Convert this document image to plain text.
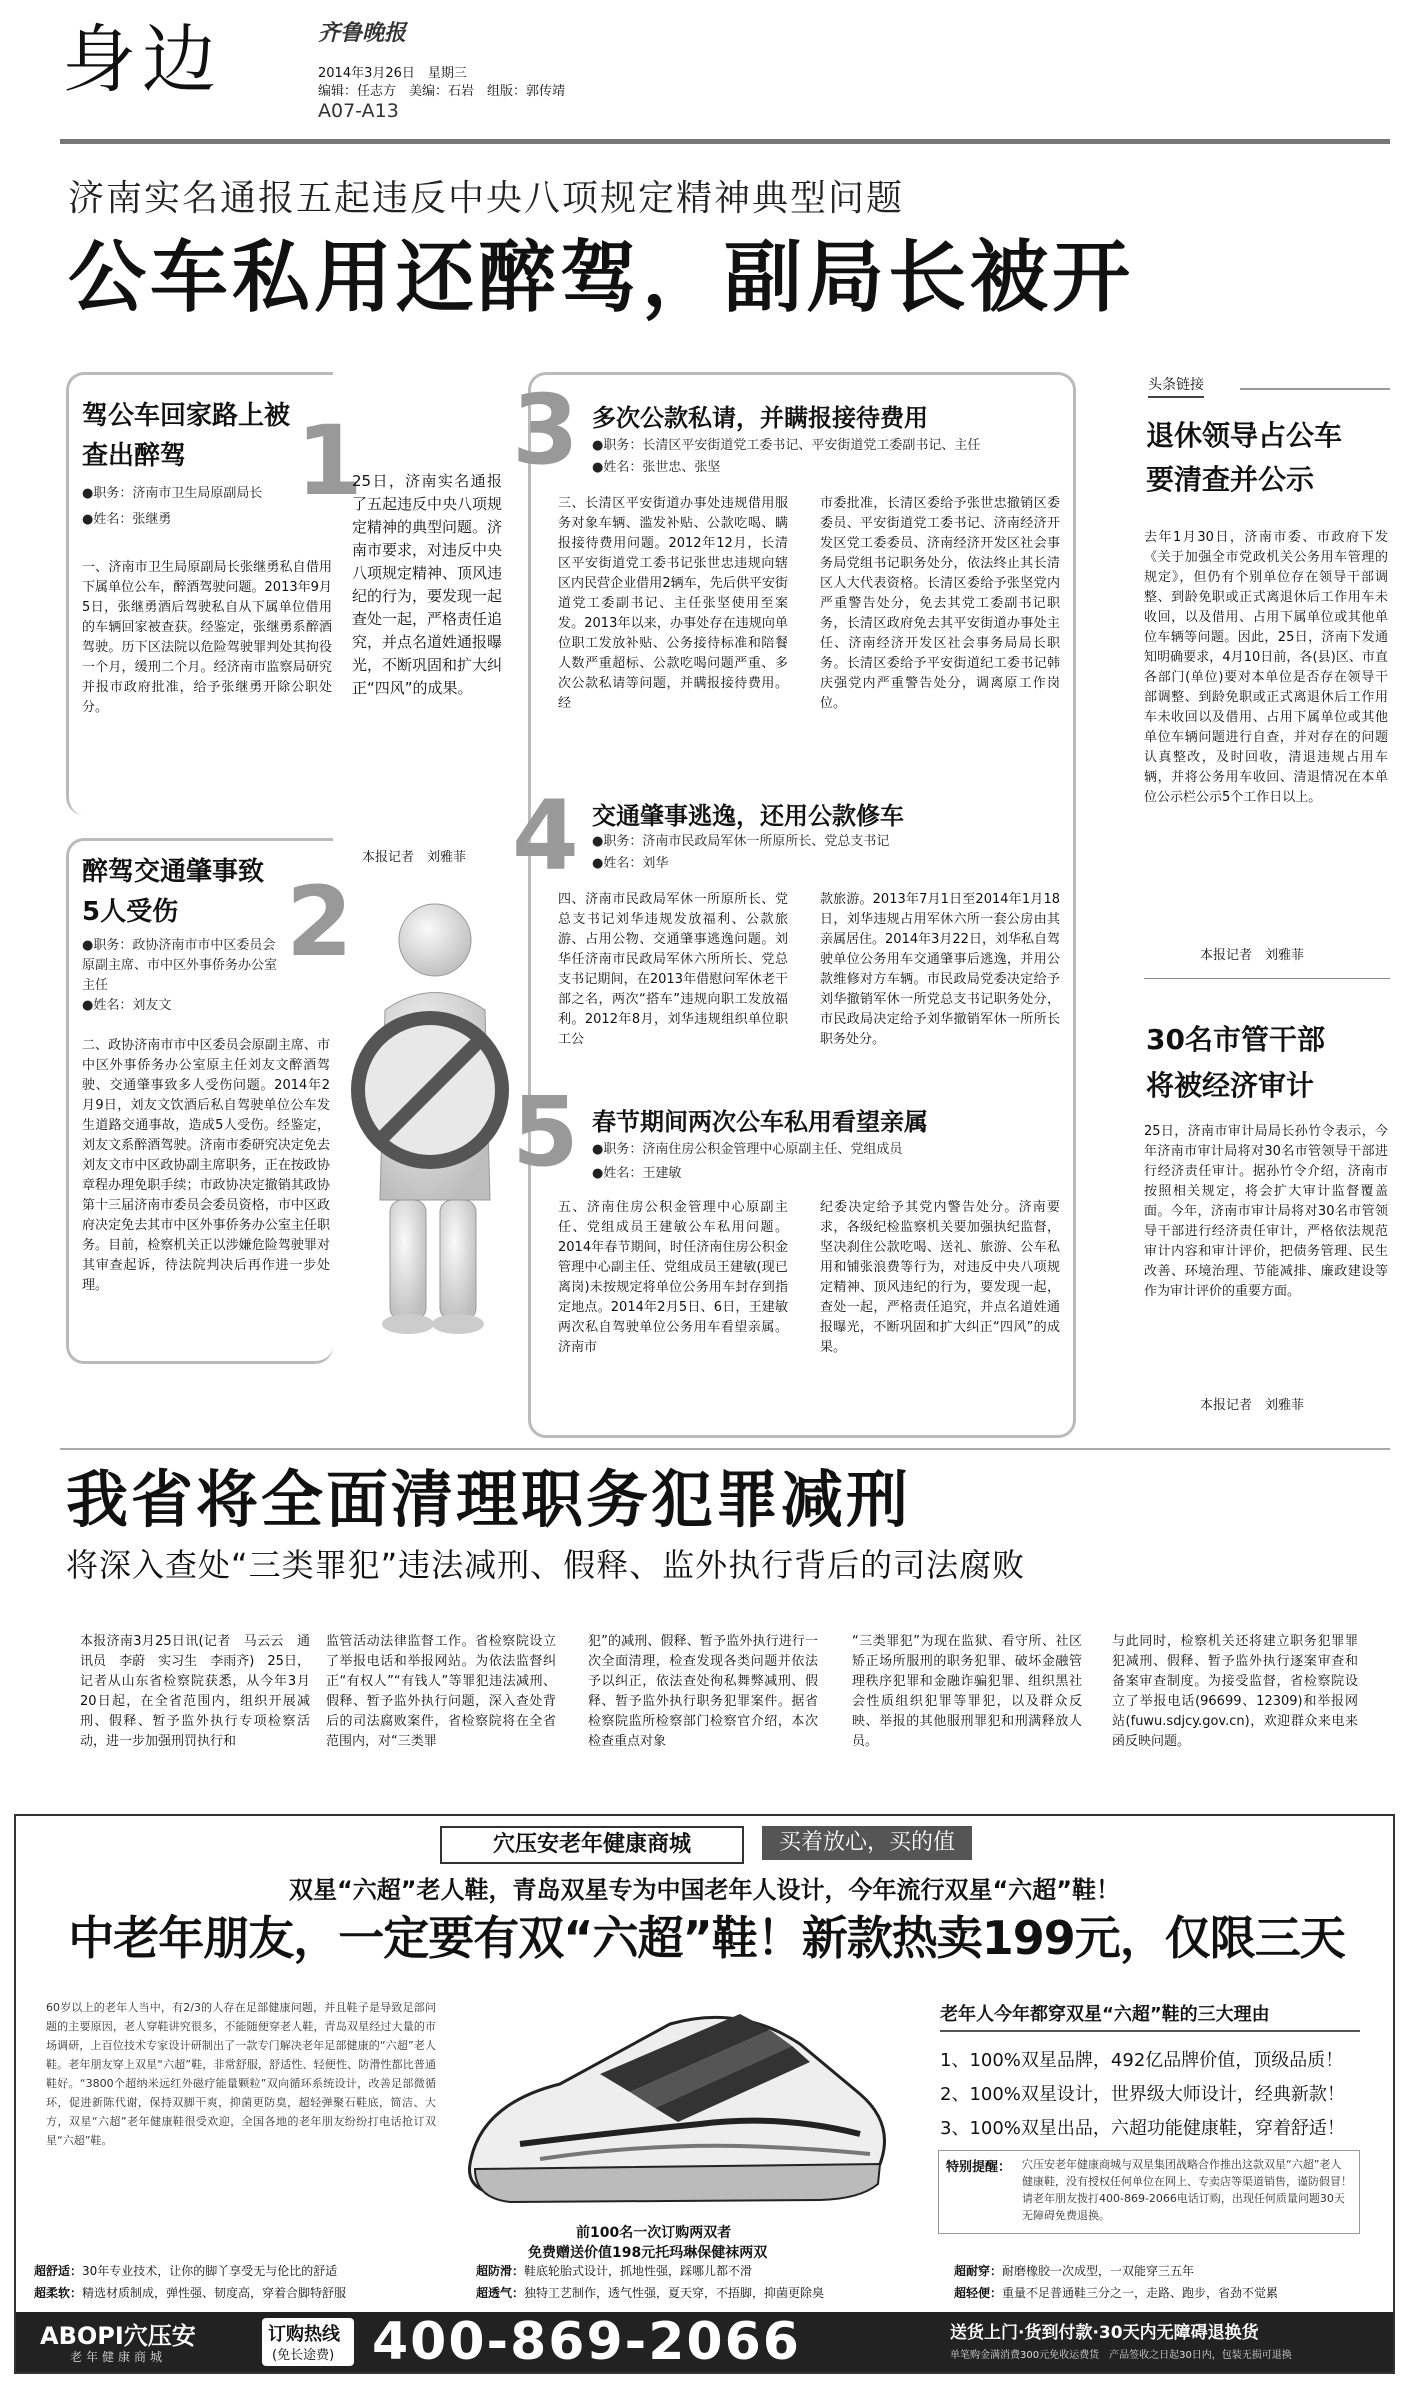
身边	齐鲁晚报
2014年3月26日　星期三
编辑：任志方　美编：石岩　组版：郭传靖
A07-A13
济南实名通报五起违反中央八项规定精神典型问题
公车私用还醉驾，副局长被开
1
驾公车回家路上被查出醉驾
●职务：济南市卫生局原副局长
●姓名：张继勇
一、济南市卫生局原副局长张继勇私自借用下属单位公车，醉酒驾驶问题。2013年9月5日，张继勇酒后驾驶私自从下属单位借用的车辆回家被查获。经鉴定，张继勇系醉酒驾驶。历下区法院以危险驾驶罪判处其拘役一个月，缓刑二个月。经济南市监察局研究并报市政府批准，给予张继勇开除公职处分。
25日，济南实名通报了五起违反中央八项规定精神的典型问题。济南市要求，对违反中央八项规定精神、顶风违纪的行为，要发现一起查处一起，严格责任追究，并点名道姓通报曝光，不断巩固和扩大纠正“四风”的成果。
本报记者　刘雅菲
2
醉驾交通肇事致5人受伤
●职务：政协济南市市中区委员会原副主席、市中区外事侨务办公室主任
●姓名：刘友文
二、政协济南市市中区委员会原副主席、市中区外事侨务办公室原主任刘友文醉酒驾驶、交通肇事致多人受伤问题。2014年2月9日，刘友文饮酒后私自驾驶单位公车发生道路交通事故，造成5人受伤。经鉴定，刘友文系醉酒驾驶。济南市委研究决定免去刘友文市中区政协副主席职务，正在按政协章程办理免职手续；市政协决定撤销其政协第十三届济南市委员会委员资格，市中区政府决定免去其市中区外事侨务办公室主任职务。目前，检察机关正以涉嫌危险驾驶罪对其审查起诉，待法院判决后再作进一步处理。
3 多次公款私请，并瞒报接待费用
●职务：长清区平安街道党工委书记、平安街道党工委副书记、主任
●姓名：张世忠、张坚
三、长清区平安街道办事处违规借用服务对象车辆、滥发补贴、公款吃喝、瞒报接待费用问题。2012年12月，长清区平安街道党工委书记张世忠违规向辖区内民营企业借用2辆车，先后供平安街道党工委副书记、主任张坚使用至案发。2013年以来，办事处存在违规向单位职工发放补贴、公务接待标准和陪餐人数严重超标、公款吃喝问题严重、多次公款私请等问题，并瞒报接待费用。经
市委批准，长清区委给予张世忠撤销区委委员、平安街道党工委书记、济南经济开发区党工委委员、济南经济开发区社会事务局党组书记职务处分，依法终止其长清区人大代表资格。长清区委给予张坚党内严重警告处分，免去其党工委副书记职务，长清区政府免去其平安街道办事处主任、济南经济开发区社会事务局局长职务。长清区委给予平安街道纪工委书记韩庆强党内严重警告处分，调离原工作岗位。
4 交通肇事逃逸，还用公款修车
●职务：济南市民政局军休一所原所长、党总支书记
●姓名：刘华
四、济南市民政局军休一所原所长、党总支书记刘华违规发放福利、公款旅游、占用公物、交通肇事逃逸问题。刘华任济南市民政局军休六所所长、党总支书记期间，在2013年借慰问军休老干部之名，两次“搭车”违规向职工发放福利。2012年8月，刘华违规组织单位职工公
款旅游。2013年7月1日至2014年1月18日，刘华违规占用军休六所一套公房由其亲属居住。2014年3月22日，刘华私自驾驶单位公务用车交通肇事后逃逸，并用公款维修对方车辆。市民政局党委决定给予刘华撤销军休一所党总支书记职务处分，市民政局决定给予刘华撤销军休一所所长职务处分。
5 春节期间两次公车私用看望亲属
●职务：济南住房公积金管理中心原副主任、党组成员
●姓名：王建敏
五、济南住房公积金管理中心原副主任、党组成员王建敏公车私用问题。2014年春节期间，时任济南住房公积金管理中心副主任、党组成员王建敏(现已离岗)未按规定将单位公务用车封存到指定地点。2014年2月5日、6日，王建敏两次私自驾驶单位公务用车看望亲属。济南市
纪委决定给予其党内警告处分。济南要求，各级纪检监察机关要加强执纪监督，坚决刹住公款吃喝、送礼、旅游、公车私用和铺张浪费等行为，对违反中央八项规定精神、顶风违纪的行为，要发现一起，查处一起，严格责任追究，并点名道姓通报曝光，不断巩固和扩大纠正“四风”的成果。
头条链接
退休领导占公车
要清查并公示
去年1月30日，济南市委、市政府下发《关于加强全市党政机关公务用车管理的规定》，但仍有个别单位存在领导干部调整、到龄免职或正式离退休后工作用车未收回，以及借用、占用下属单位或其他单位车辆等问题。因此，25日，济南下发通知明确要求，4月10日前，各(县)区、市直各部门(单位)要对本单位是否存在领导干部调整、到龄免职或正式离退休后工作用车未收回以及借用、占用下属单位或其他单位车辆问题进行自查，并对存在的问题认真整改，及时回收，清退违规占用车辆，并将公务用车收回、清退情况在本单位公示栏公示5个工作日以上。
本报记者　刘雅菲
30名市管干部
将被经济审计
25日，济南市审计局局长孙竹令表示，今年济南市审计局将对30名市管领导干部进行经济责任审计。据孙竹令介绍，济南市按照相关规定，将会扩大审计监督覆盖面。今年，济南市审计局将对30名市管领导干部进行经济责任审计，严格依法规范审计内容和审计评价，把债务管理、民生改善、环境治理、节能减排、廉政建设等作为审计评价的重要方面。
本报记者　刘雅菲
我省将全面清理职务犯罪减刑
将深入查处“三类罪犯”违法减刑、假释、监外执行背后的司法腐败
本报济南3月25日讯(记者　马云云　通讯员　李蔚　实习生　李雨齐)　25日，记者从山东省检察院获悉，从今年3月20日起，在全省范围内，组织开展减刑、假释、暂予监外执行专项检察活动，进一步加强刑罚执行和
监管活动法律监督工作。省检察院设立了举报电话和举报网站。为依法监督纠正“有权人”“有钱人”等罪犯违法减刑、假释、暂予监外执行问题，深入查处背后的司法腐败案件，省检察院将在全省范围内，对“三类罪
犯”的减刑、假释、暂予监外执行进行一次全面清理，检查发现各类问题并依法予以纠正，依法查处徇私舞弊减刑、假释、暂予监外执行职务犯罪案件。据省检察院监所检察部门检察官介绍，本次检查重点对象
“三类罪犯”为现在监狱、看守所、社区矫正场所服刑的职务犯罪、破坏金融管理秩序犯罪和金融诈骗犯罪、组织黑社会性质组织犯罪等罪犯，以及群众反映、举报的其他服刑罪犯和刑满释放人员。
与此同时，检察机关还将建立职务犯罪罪犯减刑、假释、暂予监外执行逐案审查和备案审查制度。为接受监督，省检察院设立了举报电话(96699、12309)和举报网站(fuwu.sdjcy.gov.cn)，欢迎群众来电来函反映问题。
穴压安老年健康商城	买着放心，买的值
双星“六超”老人鞋，青岛双星专为中国老年人设计，今年流行双星“六超”鞋！
中老年朋友，一定要有双“六超”鞋！新款热卖199元，仅限三天
60岁以上的老年人当中，有2/3的人存在足部健康问题，并且鞋子是导致足部问题的主要原因，老人穿鞋讲究很多，不能随便穿老人鞋，青岛双星经过大量的市场调研，上百位技术专家设计研制出了一款专门解决老年足部健康的“六超”老人鞋。老年朋友穿上双星“六超”鞋，非常舒服，舒适性、轻便性、防滑性都比普通鞋好。“3800个超纳米远红外磁疗能量颗粒”双向循环系统设计，改善足部微循环，促进新陈代谢，保持双脚干爽，抑菌更防臭，超轻弹聚石鞋底，简洁、大方，双星“六超”老年健康鞋很受欢迎，全国各地的老年朋友纷纷打电话抢订双星“六超”鞋。
前100名一次订购两双者
免费赠送价值198元托玛琳保健袜两双
老年人今年都穿双星“六超”鞋的三大理由
1、100%双星品牌，492亿品牌价值，顶级品质！
2、100%双星设计，世界级大师设计，经典新款！
3、100%双星出品，六超功能健康鞋，穿着舒适！
特别提醒： 穴压安老年健康商城与双星集团战略合作推出这款双星“六超”老人健康鞋，没有授权任何单位在网上、专卖店等渠道销售，谨防假冒！请老年朋友拨打400-869-2066电话订购，出现任何质量问题30天无障碍免费退换。
超舒适：30年专业技术，让你的脚丫享受无与伦比的舒适
超柔软：精选材质制成，弹性强、韧度高，穿着合脚特舒服
超防滑：鞋底轮胎式设计，抓地性强，踩哪儿都不滑
超透气：独特工艺制作，透气性强，夏天穿，不捂脚，抑菌更除臭
超耐穿：耐磨橡胶一次成型，一双能穿三五年
超轻便：重量不足普通鞋三分之一，走路、跑步，省劲不觉累
ABOPI穴压安
老年健康商城
订购热线
(免长途费) 400-869-2066	送货上门·货到付款·30天内无障碍退换货
单笔购金满消费300元免收运费货　产品签收之日起30日内，包装无损可退换
